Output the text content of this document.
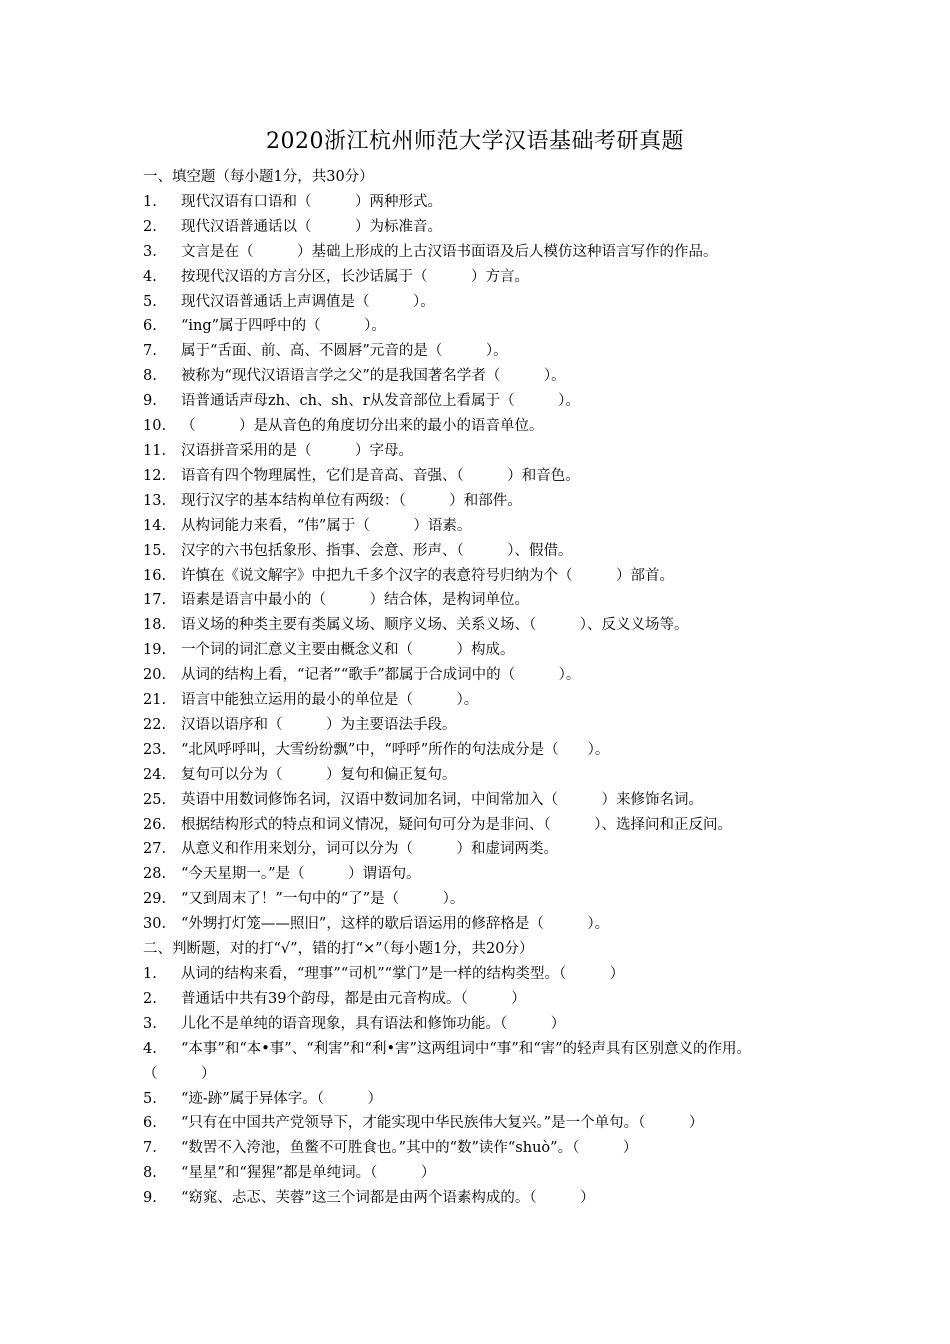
2020浙江杭州师范大学汉语基础考研真题
一、填空题（每小题1分，共30分）
1. 现代汉语有口语和（　　　）两种形式。
2. 现代汉语普通话以（　　　）为标准音。
3. 文言是在（　　　）基础上形成的上古汉语书面语及后人模仿这种语言写作的作品。
4. 按现代汉语的方言分区，长沙话属于（　　　）方言。
5. 现代汉语普通话上声调值是（　　　）。
6. “ing”属于四呼中的（　　　）。
7. 属于“舌面、前、高、不圆唇”元音的是（　　　）。
8. 被称为“现代汉语语言学之父”的是我国著名学者（　　　）。
9. 语普通话声母zh、ch、sh、r从发音部位上看属于（　　　）。
10. （　　　）是从音色的角度切分出来的最小的语音单位。
11. 汉语拼音采用的是（　　　）字母。
12. 语音有四个物理属性，它们是音高、音强、（　　　）和音色。
13. 现行汉字的基本结构单位有两级：（　　　）和部件。
14. 从构词能力来看，“伟”属于（　　　）语素。
15. 汉字的六书包括象形、指事、会意、形声、（　　　）、假借。
16. 许慎在《说文解字》中把九千多个汉字的表意符号归纳为个（　　　）部首。
17. 语素是语言中最小的（　　　）结合体，是构词单位。
18. 语义场的种类主要有类属义场、顺序义场、关系义场、（　　　）、反义义场等。
19. 一个词的词汇意义主要由概念义和（　　　）构成。
20. 从词的结构上看，“记者”“歌手”都属于合成词中的（　　　）。
21. 语言中能独立运用的最小的单位是（　　　）。
22. 汉语以语序和（　　　）为主要语法手段。
23. “北风呼呼叫，大雪纷纷飘”中，“呼呼”所作的句法成分是（　　）。
24. 复句可以分为（　　　）复句和偏正复句。
25. 英语中用数词修饰名词，汉语中数词加名词，中间常加入（　　　）来修饰名词。
26. 根据结构形式的特点和词义情况，疑问句可分为是非问、（　　　）、选择问和正反问。
27. 从意义和作用来划分，词可以分为（　　　）和虚词两类。
28. “今天星期一。”是（　　　）谓语句。
29. “又到周末了！”一句中的“了”是（　　　）。
30. “外甥打灯笼——照旧”，这样的歇后语运用的修辞格是（　　　）。
二、判断题，对的打“√”，错的打“×”（每小题1分，共20分）
1. 从词的结构来看，“理事”“司机”“掌门”是一样的结构类型。（　　　）
2. 普通话中共有39个韵母，都是由元音构成。（　　　）
3. 儿化不是单纯的语音现象，具有语法和修饰功能。（　　　）
4. “本事”和“本•事”、“利害”和“利•害”这两组词中“事”和“害”的轻声具有区别意义的作用。（　　　）
5. “迹-跡”属于异体字。（　　　）
6. “只有在中国共产党领导下，才能实现中华民族伟大复兴。”是一个单句。（　　　）
7. “数罟不入洿池，鱼鳖不可胜食也。”其中的“数”读作“shuò”。（　　　）
8. “星星”和“猩猩”都是单纯词。（　　　）
9. “窈窕、忐忑、芙蓉”这三个词都是由两个语素构成的。（　　　）
